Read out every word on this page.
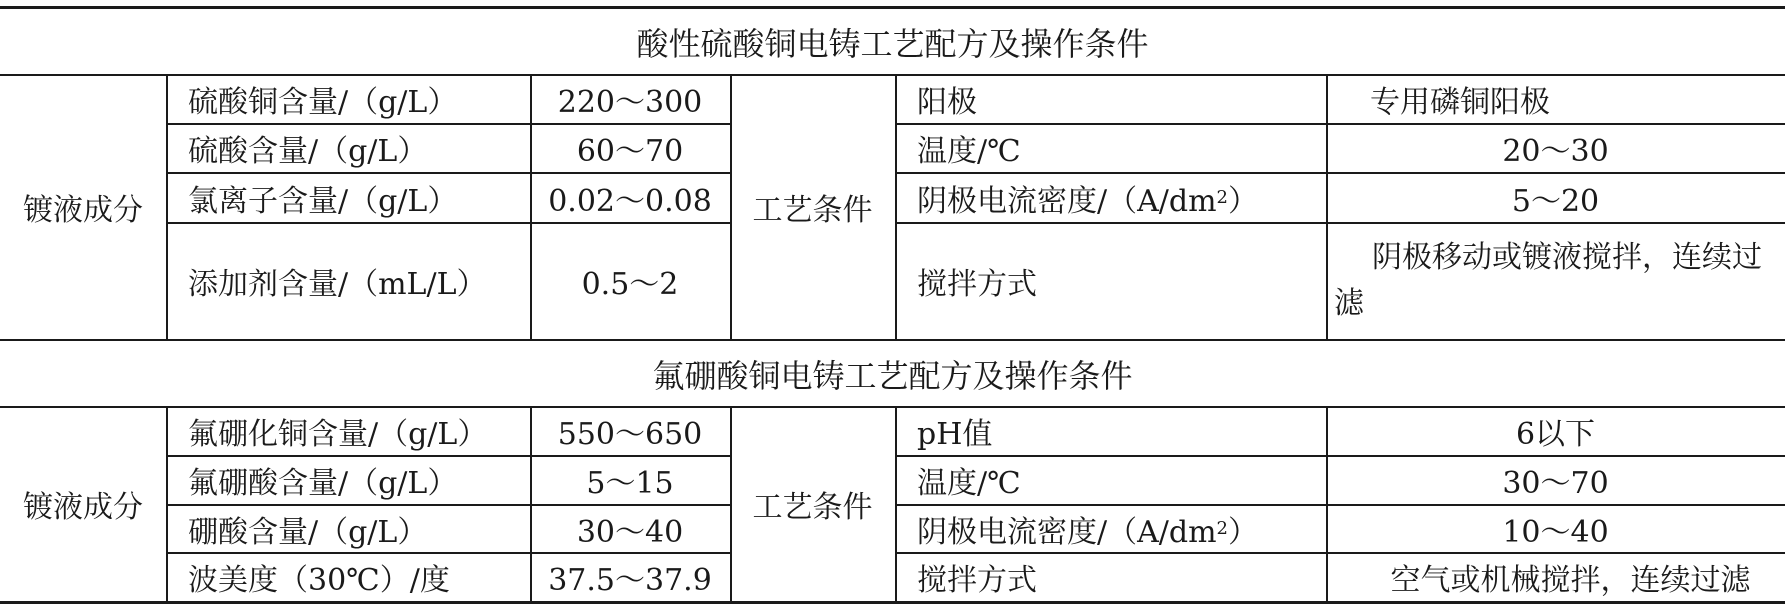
酸性硫酸铜电铸工艺配方及操作条件
镀液成分	工艺条件
硫酸铜含量/（g/L）	220～300	阳极	专用磷铜阳极
硫酸含量/（g/L）	60～70	温度/℃	20～30
氯离子含量/（g/L）	0.02～0.08	阴极电流密度/（A/dm 2 ）	5～20
添加剂含量/（mL/L）	0.5～2	搅拌方式
阴极移动或镀液搅拌，连续过滤
氟硼酸铜电铸工艺配方及操作条件
镀液成分	工艺条件
氟硼化铜含量/（g/L）	550～650	pH值	6以下
氟硼酸含量/（g/L）	5～15	温度/℃	30～70
硼酸含量/（g/L）	30～40	阴极电流密度/（A/dm 2 ）	10～40
波美度（30℃）/度	37.5～37.9	搅拌方式	空气或机械搅拌，连续过滤
